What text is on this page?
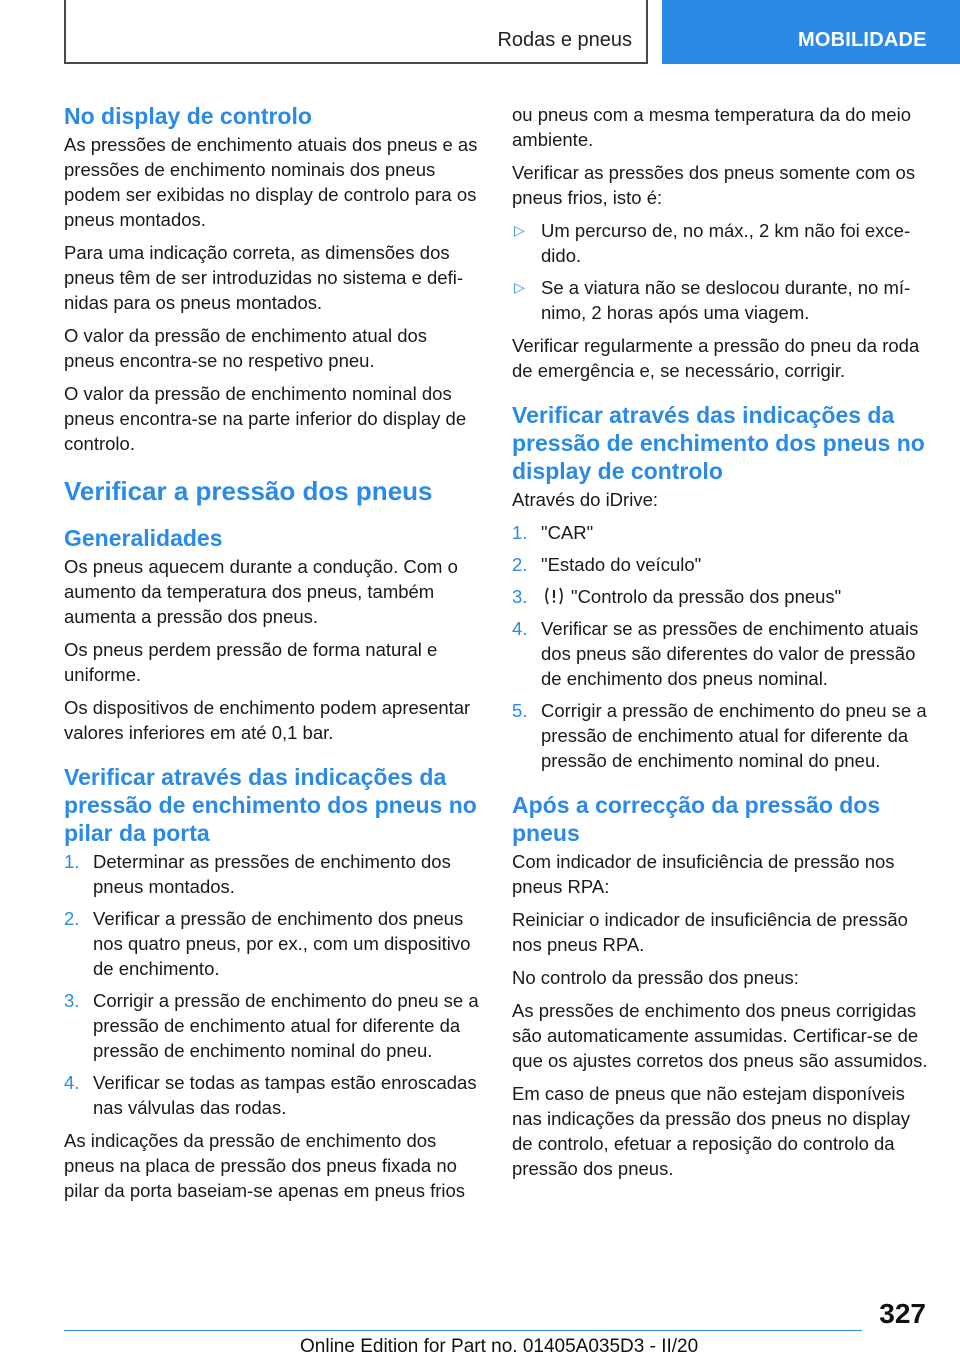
Rodas e pneus	MOBILIDADE
No display de controlo

As pressões de enchimento atuais dos pneus e as pressões de enchimento nominais dos pneus podem ser exibidas no display de controlo para os pneus montados.

Para uma indicação correta, as dimensões dos pneus têm de ser introduzidas no sistema e definidas para os pneus montados.

O valor da pressão de enchimento atual dos pneus encontra-se no respetivo pneu.

O valor da pressão de enchimento nominal dos pneus encontra-se na parte inferior do display de controlo.

Verificar a pressão dos pneus
Generalidades

Os pneus aquecem durante a condução. Com o aumento da temperatura dos pneus, também aumenta a pressão dos pneus.

Os pneus perdem pressão de forma natural e uniforme.

Os dispositivos de enchimento podem apresentar valores inferiores em até 0,1 bar.

Verificar através das indicações da pressão de enchimento dos pneus no pilar da porta
1. Determinar as pressões de enchimento dos pneus montados.
2. Verificar a pressão de enchimento dos pneus nos quatro pneus, por ex., com um dispositivo de enchimento.
3. Corrigir a pressão de enchimento do pneu se a pressão de enchimento atual for diferente da pressão de enchimento nominal do pneu.
4. Verificar se todas as tampas estão enroscadas nas válvulas das rodas.

As indicações da pressão de enchimento dos pneus na placa de pressão dos pneus fixada no pilar da porta baseiam-se apenas em pneus frios

ou pneus com a mesma temperatura da do meio ambiente.

Verificar as pressões dos pneus somente com os pneus frios, isto é:

▷ Um percurso de, no máx., 2 km não foi excedido.
▷ Se a viatura não se deslocou durante, no mínimo, 2 horas após uma viagem.

Verificar regularmente a pressão do pneu da roda de emergência e, se necessário, corrigir.

Verificar através das indicações da pressão de enchimento dos pneus no display de controlo

Através do iDrive:

1. "CAR"
2. "Estado do veículo"
3. "Controlo da pressão dos pneus"
4. Verificar se as pressões de enchimento atuais dos pneus são diferentes do valor de pressão de enchimento dos pneus nominal.
5. Corrigir a pressão de enchimento do pneu se a pressão de enchimento atual for diferente da pressão de enchimento nominal do pneu.
Após a correcção da pressão dos pneus

Com indicador de insuficiência de pressão nos pneus RPA:

Reiniciar o indicador de insuficiência de pressão nos pneus RPA.

No controlo da pressão dos pneus:

As pressões de enchimento dos pneus corrigidas são automaticamente assumidas. Certificar-se de que os ajustes corretos dos pneus são assumidos.

Em caso de pneus que não estejam disponíveis nas indicações da pressão dos pneus no display de controlo, efetuar a reposição do controlo da pressão dos pneus.

327
Online Edition for Part no. 01405A035D3 - II/20
